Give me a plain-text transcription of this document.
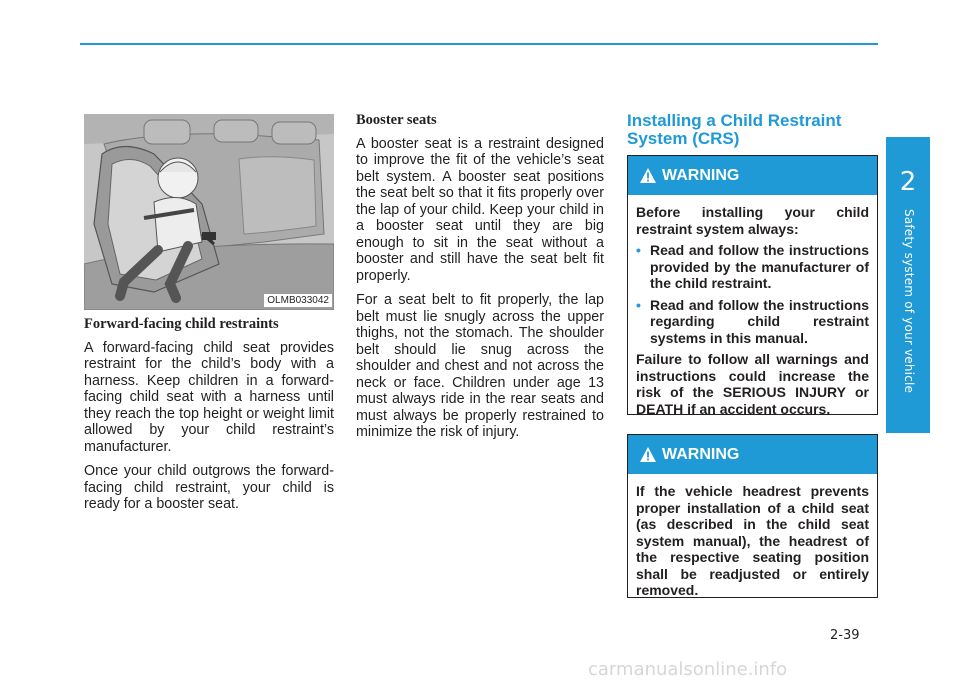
2
Safety system of your vehicle
OLMB033042
Forward-facing child restraints

A forward-facing child seat provides restraint for the child’s body with a harness. Keep children in a forward-facing child seat with a harness until they reach the top height or weight limit allowed by your child restraint’s manufacturer.

Once your child outgrows the forward-facing child restraint, your child is ready for a booster seat.

Booster seats

A booster seat is a restraint designed to improve the fit of the vehicle’s seat belt system. A booster seat positions the seat belt so that it fits properly over the lap of your child. Keep your child in a booster seat until they are big enough to sit in the seat without a booster and still have the seat belt fit properly.

For a seat belt to fit properly, the lap belt must lie snugly across the upper thighs, not the stomach. The shoulder belt should lie snug across the shoulder and chest and not across the neck or face. Children under age 13 must always ride in the rear seats and must always be properly restrained to minimize the risk of injury.

Installing a Child Restraint System (CRS)
WARNING

Before installing your child restraint system always:

• Read and follow the instructions provided by the manufacturer of the child restraint.
• Read and follow the instructions regarding child restraint systems in this manual.

Failure to follow all warnings and instructions could increase the risk of the SERIOUS INJURY or DEATH if an accident occurs.

WARNING

If the vehicle headrest prevents proper installation of a child seat (as described in the child seat system manual), the headrest of the respective seating position shall be readjusted or entirely removed.

2-39
carmanualsonline.info
